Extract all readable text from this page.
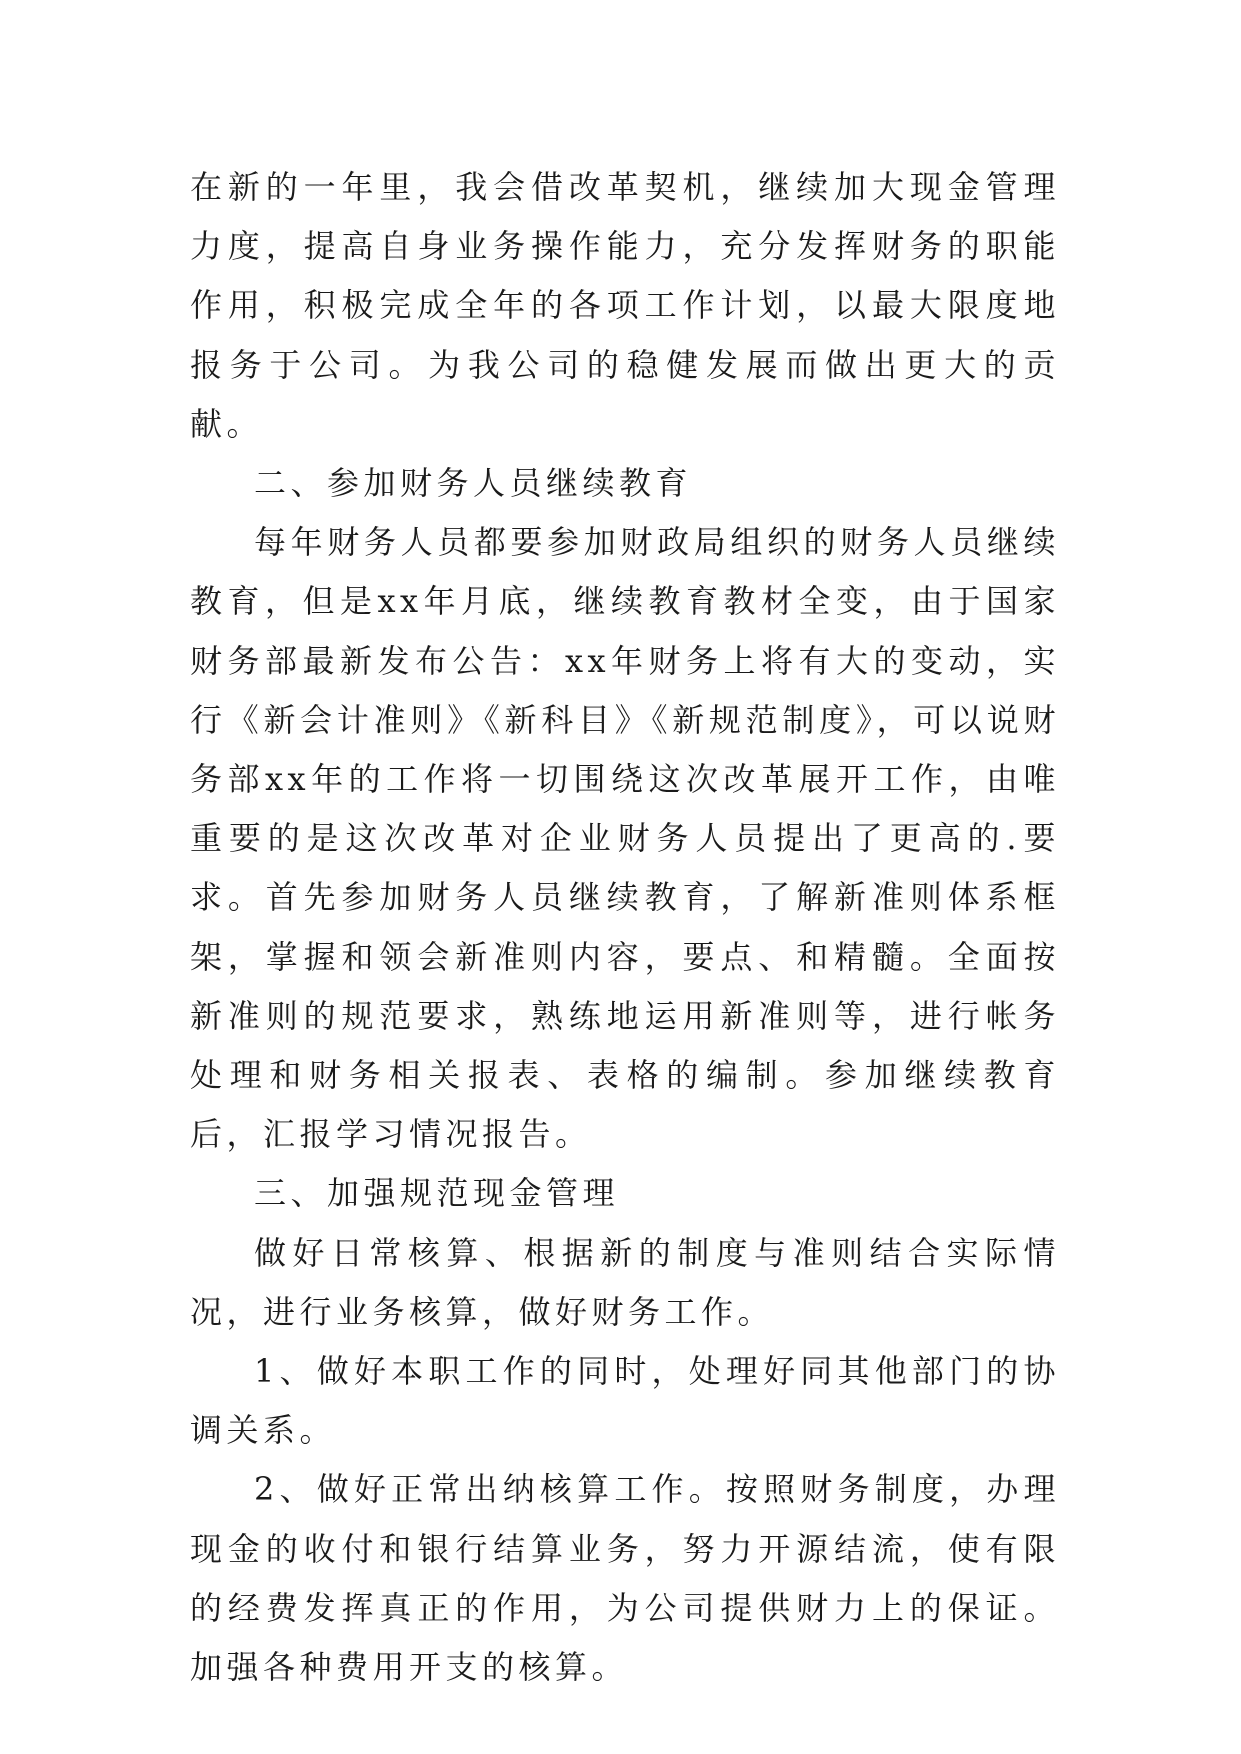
在新的一年里，我会借改革契机，继续加大现金管理力度，提高自身业务操作能力，充分发挥财务的职能作用，积极完成全年的各项工作计划，以最大限度地报务于公司。为我公司的稳健发展而做出更大的贡献。

二、参加财务人员继续教育

每年财务人员都要参加财政局组织的财务人员继续教育，但是xx年月底，继续教育教材全变，由于国家财务部最新发布公告：xx年财务上将有大的变动，实行《新会计准则》《新科目》《新规范制度》，可以说财务部xx年的工作将一切围绕这次改革展开工作，由唯重要的是这次改革对企业财务人员提出了更高的.要求。首先参加财务人员继续教育，了解新准则体系框架，掌握和领会新准则内容，要点、和精髓。全面按新准则的规范要求，熟练地运用新准则等，进行帐务处理和财务相关报表、表格的编制。参加继续教育后，汇报学习情况报告。

三、加强规范现金管理

做好日常核算、根据新的制度与准则结合实际情况，进行业务核算，做好财务工作。

1、做好本职工作的同时，处理好同其他部门的协调关系。

2、做好正常出纳核算工作。按照财务制度，办理现金的收付和银行结算业务，努力开源结流，使有限的经费发挥真正的作用，为公司提供财力上的保证。加强各种费用开支的核算。
